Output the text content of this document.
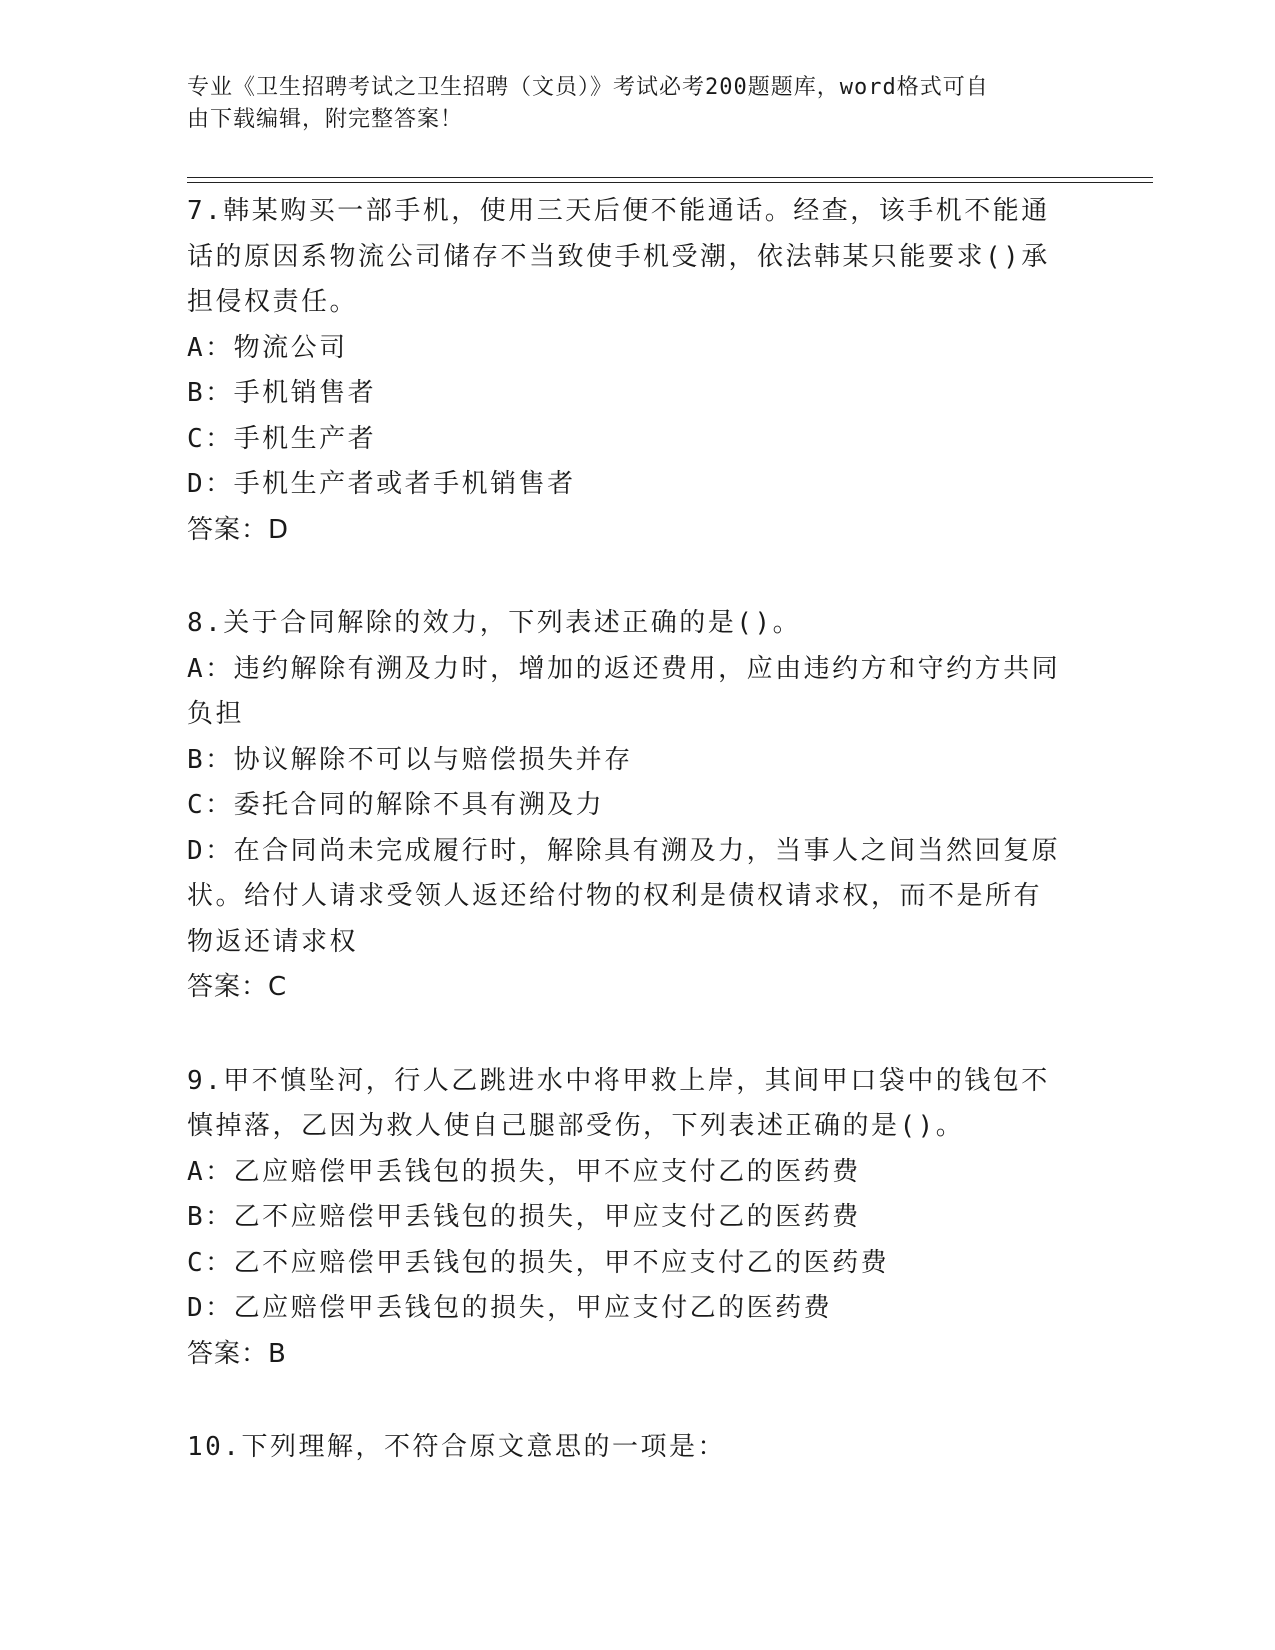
专业《卫生招聘考试之卫生招聘（文员）》考试必考200题题库，word格式可自
由下载编辑，附完整答案！

7.韩某购买一部手机，使用三天后便不能通话。经查，该手机不能通

话的原因系物流公司储存不当致使手机受潮，依法韩某只能要求()承

担侵权责任。

A：物流公司

B：手机销售者

C：手机生产者

D：手机生产者或者手机销售者

答案：D

8.关于合同解除的效力，下列表述正确的是()。

A：违约解除有溯及力时，增加的返还费用，应由违约方和守约方共同

负担

B：协议解除不可以与赔偿损失并存

C：委托合同的解除不具有溯及力

D：在合同尚未完成履行时，解除具有溯及力，当事人之间当然回复原

状。给付人请求受领人返还给付物的权利是债权请求权，而不是所有

物返还请求权

答案：C

9.甲不慎坠河，行人乙跳进水中将甲救上岸，其间甲口袋中的钱包不

慎掉落，乙因为救人使自己腿部受伤，下列表述正确的是()。

A：乙应赔偿甲丢钱包的损失，甲不应支付乙的医药费

B：乙不应赔偿甲丢钱包的损失，甲应支付乙的医药费

C：乙不应赔偿甲丢钱包的损失，甲不应支付乙的医药费

D：乙应赔偿甲丢钱包的损失，甲应支付乙的医药费

答案：B

10.下列理解，不符合原文意思的一项是：
